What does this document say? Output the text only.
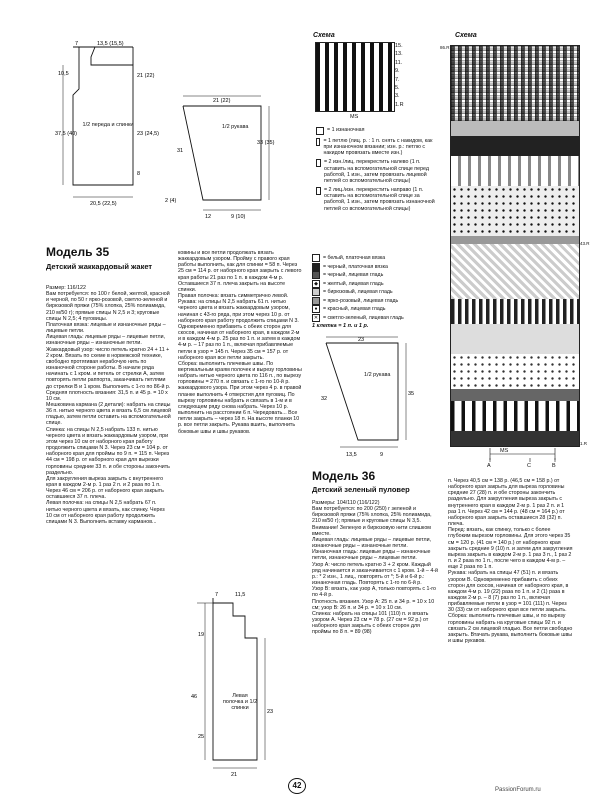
7	13,5 (15,5)
10,5	21 (22)
37,5 (40)	23 (24,5)
8
20,5 (22,5)
1/2 переда и спинки
21 (22)
31
33 (35)
2 (4)
12	9 (10)
1/2 рукава
Схема
15.
13.
11.
9.
7.
5.
3.
1.R
MS
= 1 изнаночная
= 1 петлю (лиц. р. : 1 п. снять с накидом, как при изнаночном вязании; изн. р.: петлю с накидом провязать вместе изн.)
= 2 изн./лиц. перекрестить налево (1 п. оставить на вспомогательной спице перед работой, 1 изн., затем провязать лицевой петлей со вспомогательной спицы)
= 2 лиц./изн. перекрестить направо (1 п. оставить на вспомогательной спице за работой, 1 изн., затем провязать изнаночной петлей со вспомогательной спицы)
= белый, платочная вязка
= черный, платочная вязка
= черный, лицевая гладь
◆ = желтый, лицевая гладь
= бирюзовый, лицевая гладь
= ярко-розовый, лицевая гладь
●	= красный, лицевая гладь
✕ = светло-зеленый, лицевая гладь
1 клетка = 1 п. и 1 р.
Схема
86.R
43.R
1.R
MS
A	C	B
Модель 35
Детский жаккардовый жакет

Размер: 116/122

Вам потребуется: по 100 г белой, желтой, красной и черной, по 50 г ярко-розовой, светло-зеленой и бирюзовой пряжи (75% хлопка, 25% полиамида, 210 м/50 г); прямые спицы N 2,5 и 3; круговые спицы N 2,5; 4 пуговицы.

Платочная вязка: лицевые и изнаночные ряды – лицевые петли.

Лицевая гладь: лицевые ряды – лицевые петли, изнаночные ряды – изнаночные петли.

Жаккардовый узор: число петель кратно 24 + 11 + 2 кром. Вязать по схеме в норвежской технике, свободно протягивая нерабочую нить по изнаночной стороне работы. В начале ряда начинать с 1 кром. и петель от стрелки А, затем повторять петли раппорта, заканчивать петлями до стрелки В и 1 кром. Выполнить с 1-го по 86-й р.

Средняя плотность вязания: 31,5 п. и 45 р. = 10 х 10 см.

Мешковина кармана (2 детали): набрать на спицы 36 п. нитью черного цвета и вязать 6,5 см лицевой гладью, затем петли оставить на вспомогательной спице.

Спинка: на спицы N 2,5 набрать 133 п. нитью черного цвета и вязать жаккардовым узором, при этом через 10 см от наборного края работу продолжить спицами N 3. Через 23 см = 104 р. от наборного края для проймы по 9 п. = 115 п. Через 44 см = 198 р. от наборного края для вырезки горловины средние 33 п. и обе стороны закончить раздельно.

Для закругления выреза закрыть с внутреннего края в каждом 2-м р. 1 раз 2 п. и 2 раза по 1 п. Через 46 см = 206 р. от наборного края закрыть оставшиеся 37 п. плеча.

Левая полочка: на спицы N 2,5 набрать 67 п. нитью черного цвета и вязать, как спинку. Через 10 см от наборного края работу продолжить спицами N 3. Выполнить вставку карманов...

ковины и все петли продолжать вязать жаккардовым узором. Пройму с правого края работы выполнить, как для спинки = 58 п. Через 25 см = 114 р. от наборного края закрыть с левого края работы 21 раз по 1 п. в каждом 4-м р. Оставшиеся 37 п. плеча закрыть на высоте спинки.

Правая полочка: вязать симметрично левой.

Рукава: на спицы N 2,5 набрать 61 п. нитью черного цвета и вязать жаккардовым узором, начиная с 43-го ряда, при этом через 10 р. от наборного края работу продолжить спицами N 3. Одновременно прибавить с обеих сторон для скосов, начиная от наборного края, в каждом 2-м и в каждом 4-м р. 25 раз по 1 п. и затем в каждом 4-м р. – 17 раз по 1 п., включая прибавляемые петли в узор = 145 п. Через 35 см = 157 р. от наборного края все петли закрыть.

Сборка: выполнить плечевые швы. По вертикальным краям полочек и вырезу горловины набрать нитью черного цвета по 116 п., по вырезу горловины = 270 п. и связать с 1-го по 10-й р. жаккардового узора. При этом через 4 р. в правой планке выполнить 4 отверстия для пуговиц. По вырезу горловины набрать и связать в 1-м и в следующем ряду снова набрать. Через 10 р. выполнить на расстоянии 6 п. Чередовать... Все петли закрыть – через 18 п. На высоте планки 10 р. все петли закрыть. Рукава вшить, выполнить боковые швы и швы рукавов.

23
32
35
13,5	9
1/2 рукава
Модель 36
Детский зеленый пуловер

Размеры: 104/110 (116/122)

Вам потребуется: по 200 (250) г зеленой и бирюзовой пряжи (75% хлопка, 25% полиамида, 210 м/50 г); прямые и круговые спицы N 3,5.

Внимание! Зеленую и бирюзовую нити слишком вместе.

Лицевая гладь: лицевые ряды – лицевые петли, изнаночные ряды – изнаночные петли.

Изнаночная гладь: лицевые ряды – изнаночные петли, изнаночные ряды – лицевые петли.

Узор А: число петель кратно 3 + 2 кром. Каждый ряд начинается и заканчивается с 1 кром. 1-й – 4-й р.: * 2 изн., 1 лиц., повторять от *; 5-й и 6-й р.: изнаночная гладь. Повторять с 1-го по 6-й р.

Узор В: вязать, как узор А, только повторять с 1-го по 4-й р.

Плотность вязания. Узор А: 25 п. и 34 р. = 10 х 10 см; узор В: 26 п. и 34 р. = 10 х 10 см.

Спинка: набрать на спицы 101 (110) п. и вязать узором А. Через 23 см = 78 р. (27 см = 92 р.) от наборного края закрыть с обеих сторон для проймы по 8 п. = 89 (98)

п. Через 40,5 см = 138 р. (46,5 см = 158 р.) от наборного края закрыть для выреза горловины средние 27 (28) п. и обе стороны закончить раздельно. Для закругления выреза закрыть с внутреннего края в каждом 2-м р. 1 раз 2 п. и 1 раз 1 п. Через 42 см = 144 р. (48 см = 164 р.) от наборного края закрыть оставшиеся 28 (32) п. плеча.

Перед: вязать, как спинку, только с более глубоким вырезом горловины. Для этого через 35 см = 120 р. (41 см = 140 р.) от наборного края закрыть средние 9 (10) п. и затем для закругления выреза закрыть в каждом 2-м р. 1 раз 3 п., 1 раз 2 п. и 2 раза по 1 п., после чего в каждом 4-м р. – еще 2 раза по 1 п.

Рукава: набрать на спицы 47 (51) п. и вязать узором В. Одновременно прибавить с обеих сторон для скосов, начиная от наборного края, в каждом 4-м р. 19 (22) раза по 1 п. и 2 (1) раза в каждом 2-м р. – 8 (7) раз по 1 п., включая прибавляемые петли в узор = 101 (111) п. Через 30 (33) см от наборного края все петли закрыть.

Сборка: выполнить плечевые швы, и по вырезу горловины набрать на круговые спицы 92 п. и связать 2 см лицевой гладью. Все петли свободно закрыть. Втачать рукава, выполнить боковые швы и швы рукавов.

7	11,5
19
46
25
23
21
Левая полочка и 1/2 спинки
42	PassionForum.ru
